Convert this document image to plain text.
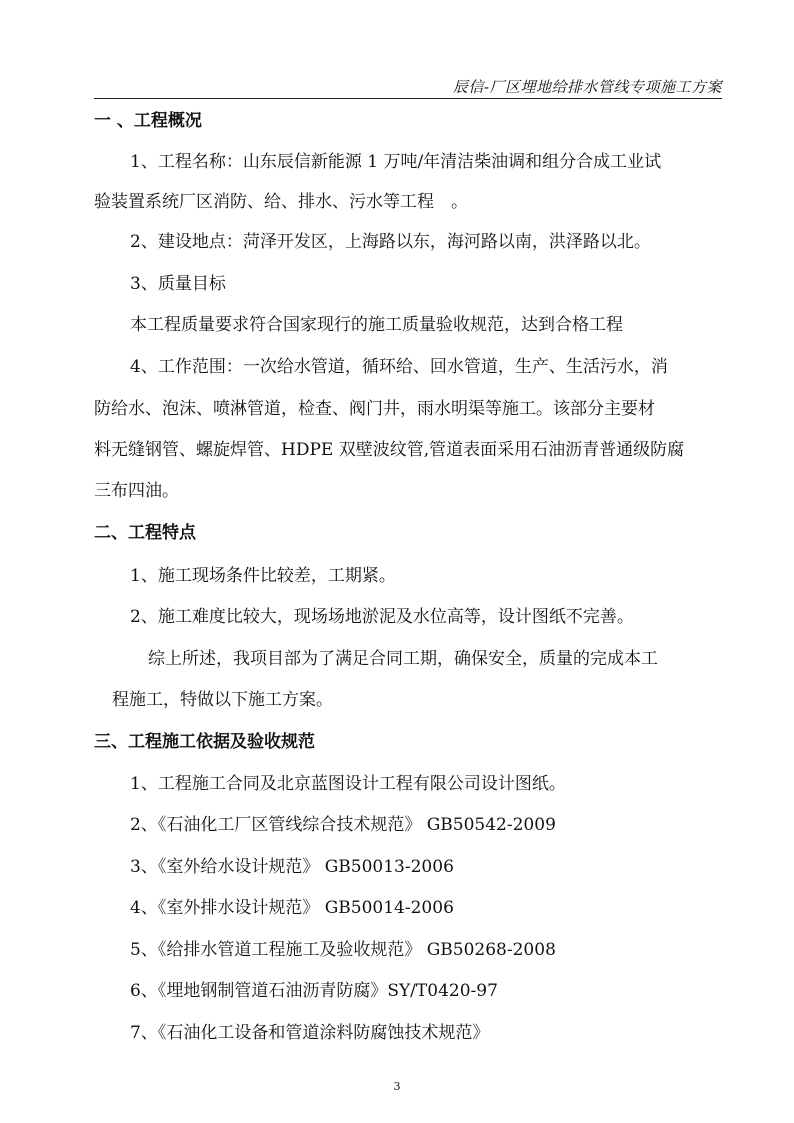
辰信-厂区埋地给排水管线专项施工方案
一 、工程概况
1、工程名称：山东辰信新能源 1 万吨/年清洁柴油调和组分合成工业试
验装置系统厂区消防、给、排水、污水等工程　。
2、建设地点：菏泽开发区，上海路以东，海河路以南，洪泽路以北。
3、质量目标
本工程质量要求符合国家现行的施工质量验收规范，达到合格工程
4、工作范围：一次给水管道，循环给、回水管道，生产、生活污水，消
防给水、泡沫、喷淋管道，检查、阀门井，雨水明渠等施工。该部分主要材
料无缝钢管、螺旋焊管、HDPE 双壁波纹管,管道表面采用石油沥青普通级防腐
三布四油。
二、工程特点
1、施工现场条件比较差，工期紧。
2、施工难度比较大，现场场地淤泥及水位高等，设计图纸不完善。
综上所述，我项目部为了满足合同工期，确保安全，质量的完成本工
程施工，特做以下施工方案。
三、工程施工依据及验收规范
1、工程施工合同及北京蓝图设计工程有限公司设计图纸。
2、《石油化工厂区管线综合技术规范》 GB50542-2009
3、《室外给水设计规范》 GB50013-2006
4、《室外排水设计规范》 GB50014-2006
5、《给排水管道工程施工及验收规范》 GB50268-2008
6、《埋地钢制管道石油沥青防腐》SY/T0420-97
7、《石油化工设备和管道涂料防腐蚀技术规范》
3
